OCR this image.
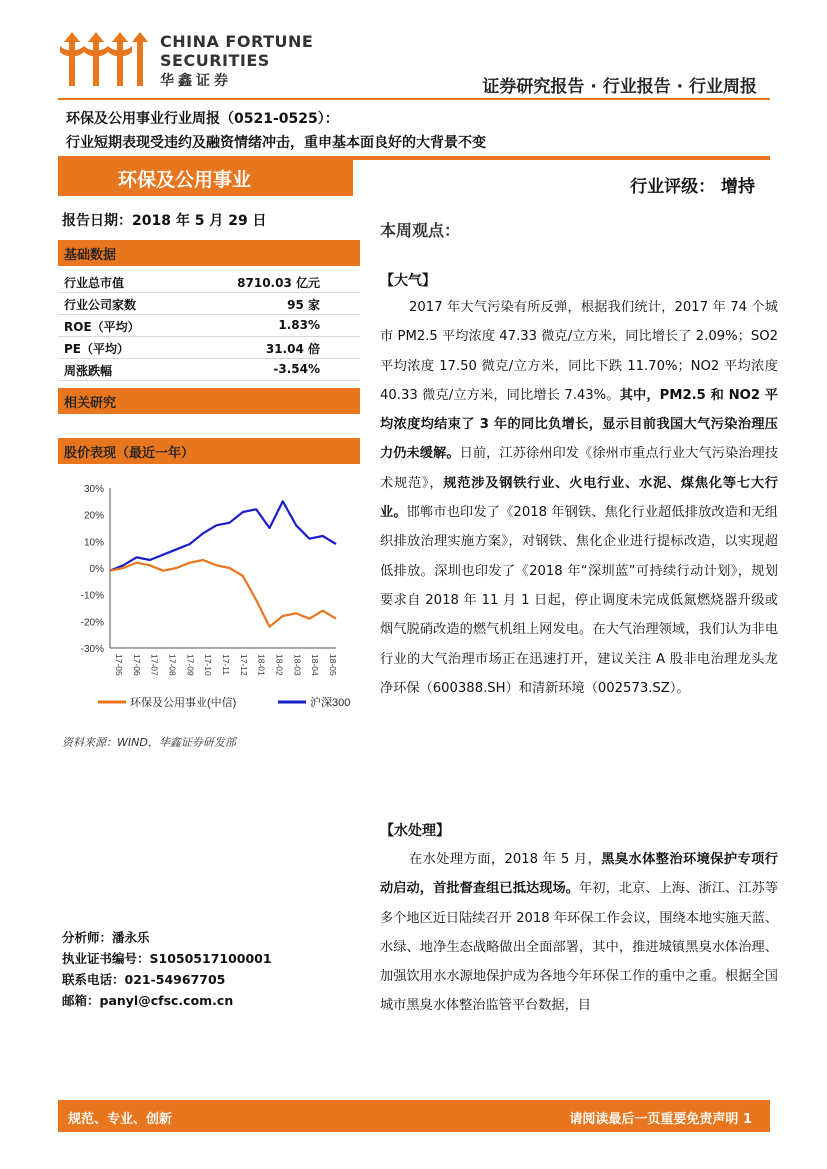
CHINA FORTUNE
SECURITIES
华鑫证券	证券研究报告 · 行业报告 · 行业周报
环保及公用事业行业周报（0521-0525）：
行业短期表现受违约及融资情绪冲击，重申基本面良好的大背景不变
环保及公用事业	行业评级： 增持
报告日期：2018 年 5 月 29 日
基础数据
行业总市值	8710.03 亿元
行业公司家数	95 家
ROE（平均）	1.83%
PE（平均）	31.04 倍
周涨跌幅	-3.54%
相关研究
股价表现（最近一年）
30%
20%
10%
0%
-10%
-20%
-30%
17-05 17-06 17-07 17-08 17-09 17-10 17-11 17-12 18-01 18-02 18-03 18-04 18-05
环保及公用事业(中信)	沪深300
资料来源：WIND，华鑫证券研发部
分析师：潘永乐
执业证书编号：S1050517100001
联系电话：021-54967705
邮箱：panyl@cfsc.com.cn
本周观点：
【大气】

2017 年大气污染有所反弹，根据我们统计，2017 年 74 个城市 PM2.5 平均浓度 47.33 微克/立方米，同比增长了 2.09%；SO2 平均浓度 17.50 微克/立方米，同比下跌 11.70%；NO2 平均浓度 40.33 微克/立方米，同比增长 7.43%。其中，PM2.5 和 NO2 平均浓度均结束了 3 年的同比负增长，显示目前我国大气污染治理压力仍未缓解。日前，江苏徐州印发《徐州市重点行业大气污染治理技术规范》，规范涉及钢铁行业、火电行业、水泥、煤焦化等七大行业。邯郸市也印发了《2018 年钢铁、焦化行业超低排放改造和无组织排放治理实施方案》，对钢铁、焦化企业进行提标改造，以实现超低排放。深圳也印发了《2018 年“深圳蓝”可持续行动计划》，规划要求自 2018 年 11 月 1 日起，停止调度未完成低氮燃烧器升级或烟气脱硝改造的燃气机组上网发电。在大气治理领域，我们认为非电行业的大气治理市场正在迅速打开，建议关注 A 股非电治理龙头龙净环保（600388.SH）和清新环境（002573.SZ）。

【水处理】

在水处理方面，2018 年 5 月，黑臭水体整治环境保护专项行动启动，首批督查组已抵达现场。年初，北京、上海、浙江、江苏等多个地区近日陆续召开 2018 年环保工作会议，围绕本地实施天蓝、水绿、地净生态战略做出全面部署，其中，推进城镇黑臭水体治理、加强饮用水水源地保护成为各地今年环保工作的重中之重。根据全国城市黑臭水体整治监管平台数据，目

规范、专业、创新	请阅读最后一页重要免责声明 1
